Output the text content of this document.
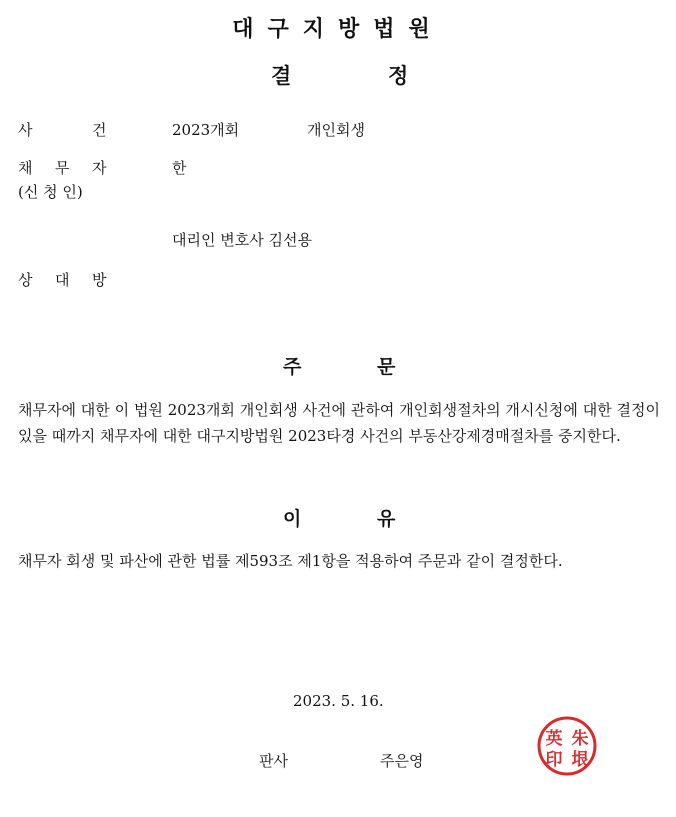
대구지방법원
결	정
사	건	2023개회	개인회생
채 무 자	한
(신 청 인)
대리인 변호사 김선용
상 대 방
주	문
채무자에 대한 이 법원 2023개회 개인회생 사건에 관하여 개인회생절차의 개시신청에 대한 결정이 있을 때까지 채무자에 대한 대구지방법원 2023타경 사건의 부동산강제경매절차를 중지한다.
이	유
채무자 회생 및 파산에 관한 법률 제593조 제1항을 적용하여 주문과 같이 결정한다.
2023. 5. 16.
판사	주은영
英 朱
印 垠
